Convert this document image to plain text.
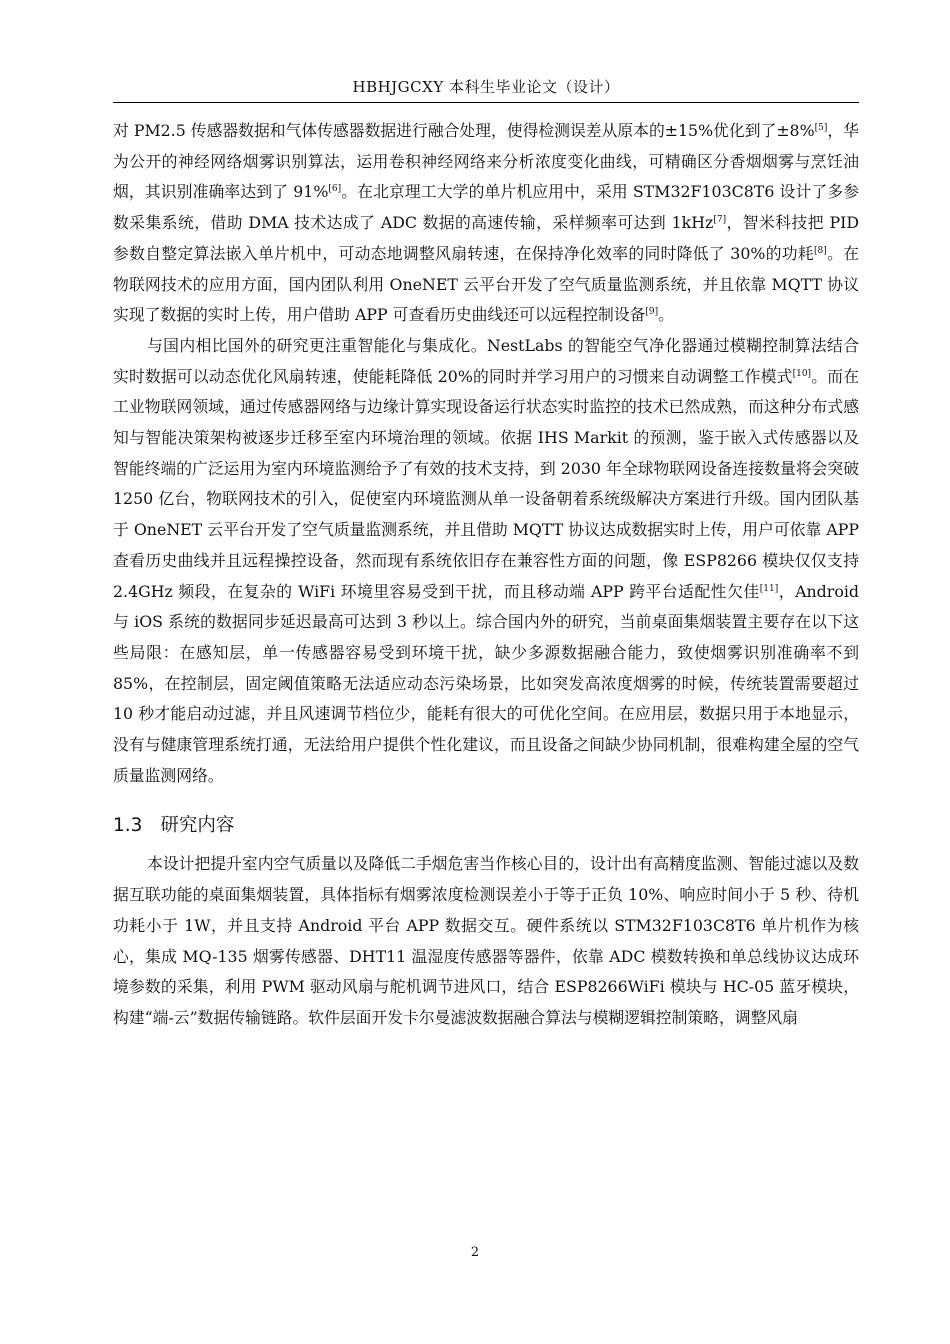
HBHJGCXY 本科生毕业论文（设计）

对 PM2.5 传感器数据和气体传感器数据进行融合处理，使得检测误差从原本的±15%优化到了±8%[5]，华为公开的神经网络烟雾识别算法，运用卷积神经网络来分析浓度变化曲线，可精确区分香烟烟雾与烹饪油烟，其识别准确率达到了 91%[6]。在北京理工大学的单片机应用中，采用 STM32F103C8T6 设计了多参数采集系统，借助 DMA 技术达成了 ADC 数据的高速传输，采样频率可达到 1kHz[7]，智米科技把 PID 参数自整定算法嵌入单片机中，可动态地调整风扇转速，在保持净化效率的同时降低了 30%的功耗[8]。在物联网技术的应用方面，国内团队利用 OneNET 云平台开发了空气质量监测系统，并且依靠 MQTT 协议实现了数据的实时上传，用户借助 APP 可查看历史曲线还可以远程控制设备[9]。

与国内相比国外的研究更注重智能化与集成化。NestLabs 的智能空气净化器通过模糊控制算法结合实时数据可以动态优化风扇转速，使能耗降低 20%的同时并学习用户的习惯来自动调整工作模式[10]。而在工业物联网领域，通过传感器网络与边缘计算实现设备运行状态实时监控的技术已然成熟，而这种分布式感知与智能决策架构被逐步迁移至室内环境治理的领域。依据 IHS Markit 的预测，鉴于嵌入式传感器以及智能终端的广泛运用为室内环境监测给予了有效的技术支持，到 2030 年全球物联网设备连接数量将会突破 1250 亿台，物联网技术的引入，促使室内环境监测从单一设备朝着系统级解决方案进行升级。国内团队基于 OneNET 云平台开发了空气质量监测系统，并且借助 MQTT 协议达成数据实时上传，用户可依靠 APP 查看历史曲线并且远程操控设备，然而现有系统依旧存在兼容性方面的问题，像 ESP8266 模块仅仅支持 2.4GHz 频段，在复杂的 WiFi 环境里容易受到干扰，而且移动端 APP 跨平台适配性欠佳[11]，Android 与 iOS 系统的数据同步延迟最高可达到 3 秒以上。综合国内外的研究，当前桌面集烟装置主要存在以下这些局限：在感知层，单一传感器容易受到环境干扰，缺少多源数据融合能力，致使烟雾识别准确率不到 85%，在控制层，固定阈值策略无法适应动态污染场景，比如突发高浓度烟雾的时候，传统装置需要超过 10 秒才能启动过滤，并且风速调节档位少，能耗有很大的可优化空间。在应用层，数据只用于本地显示，没有与健康管理系统打通，无法给用户提供个性化建议，而且设备之间缺少协同机制，很难构建全屋的空气质量监测网络。

1.3 研究内容

本设计把提升室内空气质量以及降低二手烟危害当作核心目的，设计出有高精度监测、智能过滤以及数据互联功能的桌面集烟装置，具体指标有烟雾浓度检测误差小于等于正负 10%、响应时间小于 5 秒、待机功耗小于 1W，并且支持 Android 平台 APP 数据交互。硬件系统以 STM32F103C8T6 单片机作为核心，集成 MQ-135 烟雾传感器、DHT11 温湿度传感器等器件，依靠 ADC 模数转换和单总线协议达成环境参数的采集，利用 PWM 驱动风扇与舵机调节进风口，结合 ESP8266WiFi 模块与 HC-05 蓝牙模块，构建“端-云”数据传输链路。软件层面开发卡尔曼滤波数据融合算法与模糊逻辑控制策略，调整风扇

2
